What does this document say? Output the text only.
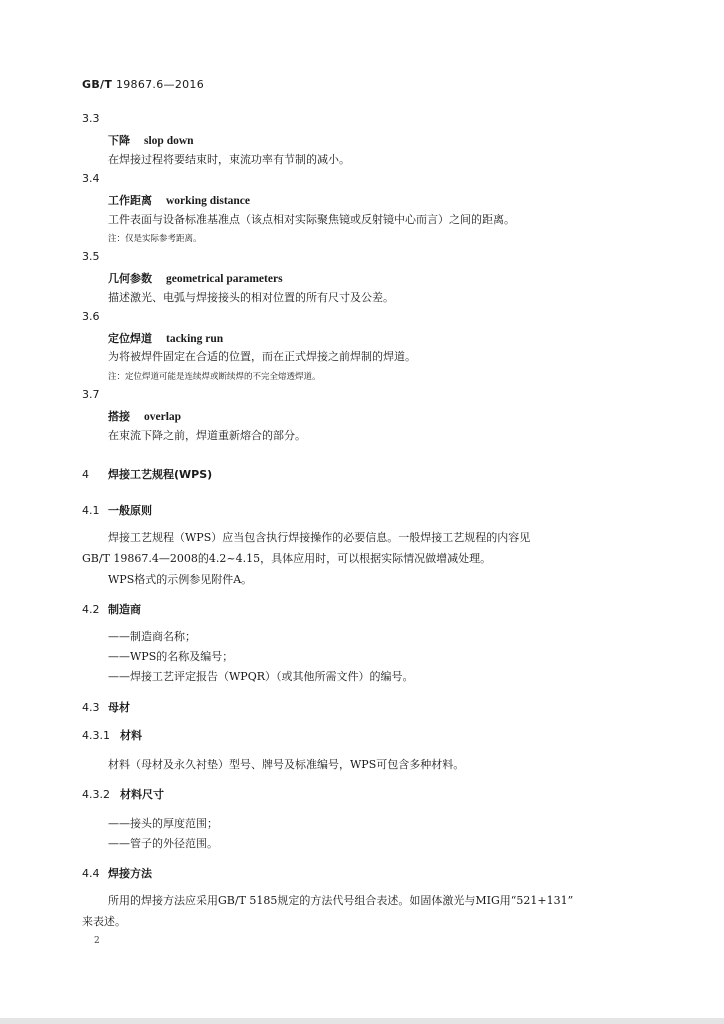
GB/T 19867.6—2016
3.3
下降 slop down
在焊接过程将要结束时，束流功率有节制的减小。
3.4
工作距离 working distance
工件表面与设备标准基准点（该点相对实际聚焦镜或反射镜中心而言）之间的距离。
注：仅是实际参考距离。
3.5
几何参数 geometrical parameters
描述激光、电弧与焊接接头的相对位置的所有尺寸及公差。
3.6
定位焊道 tacking run
为将被焊件固定在合适的位置，而在正式焊接之前焊制的焊道。
注：定位焊道可能是连续焊或断续焊的不完全熔透焊道。
3.7
搭接 overlap
在束流下降之前，焊道重新熔合的部分。
4 焊接工艺规程(WPS)
4.1 一般原则

焊接工艺规程（WPS）应当包含执行焊接操作的必要信息。一般焊接工艺规程的内容见

GB/T 19867.4—2008的4.2~4.15，具体应用时，可以根据实际情况做增减处理。

WPS格式的示例参见附件A。

4.2 制造商
——制造商名称；
——WPS的名称及编号；
——焊接工艺评定报告（WPQR）（或其他所需文件）的编号。
4.3 母材
4.3.1 材料
材料（母材及永久衬垫）型号、牌号及标准编号，WPS可包含多种材料。
4.3.2 材料尺寸
——接头的厚度范围；
——管子的外径范围。
4.4 焊接方法

所用的焊接方法应采用GB/T 5185规定的方法代号组合表述。如固体激光与MIG用“521+131”

来表述。

2
